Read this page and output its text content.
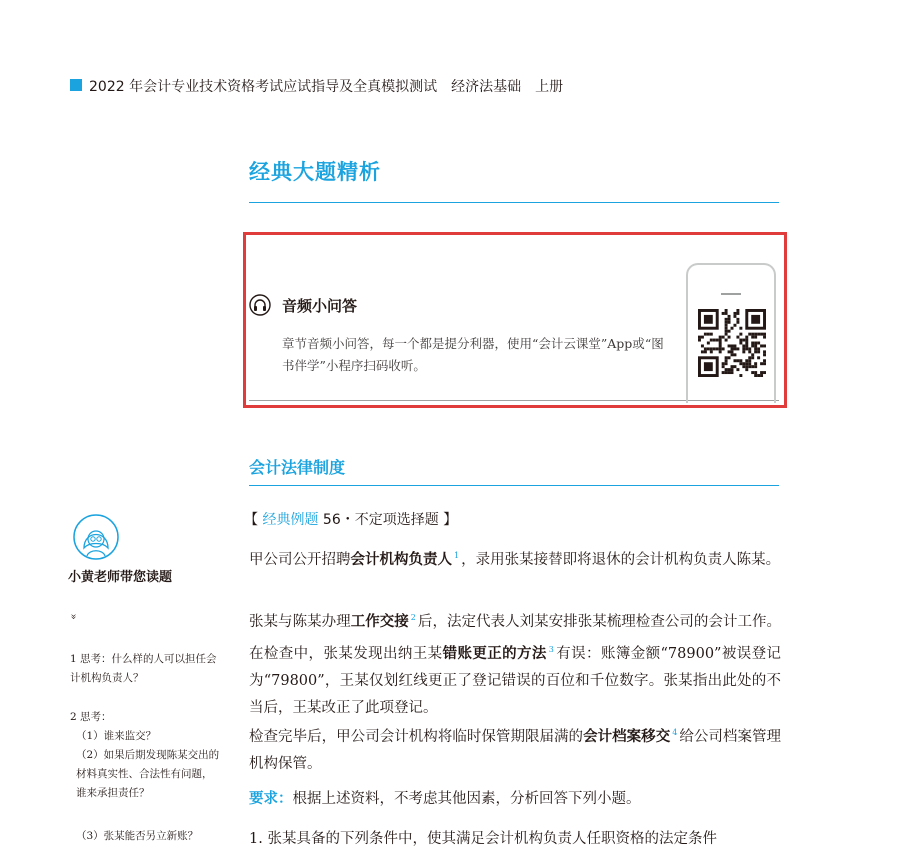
2022 年会计专业技术资格考试应试指导及全真模拟测试　经济法基础　上册
经典大题精析
音频小问答
章节音频小问答，每一个都是提分利器，使用“会计云课堂”App或“图书伴学”小程序扫码收听。
会计法律制度
【 经典例题 56・不定项选择题 】
甲公司公开招聘会计机构负责人 $^1$ ，录用张某接替即将退休的会计机构负责人陈某。
张某与陈某办理工作交接 $^2$ 后，法定代表人刘某安排张某梳理检查公司的会计工作。在检查中，张某发现出纳王某错账更正的方法 $^3$ 有误：账簿金额“78900”被误登记为“79800”，王某仅划红线更正了登记错误的百位和千位数字。张某指出此处的不当后，王某改正了此项登记。
检查完毕后，甲公司会计机构将临时保管期限届满的会计档案移交 $^4$ 给公司档案管理机构保管。
要求：根据上述资料，不考虑其他因素，分析回答下列小题。
1. 张某具备的下列条件中，使其满足会计机构负责人任职资格的法定条件
小黄老师带您读题
»
1 思考：什么样的人可以担任会计机构负责人？
2 思考：
（1）谁来监交？
（2）如果后期发现陈某交出的材料真实性、合法性有问题，谁来承担责任？
（3）张某能否另立新账？
